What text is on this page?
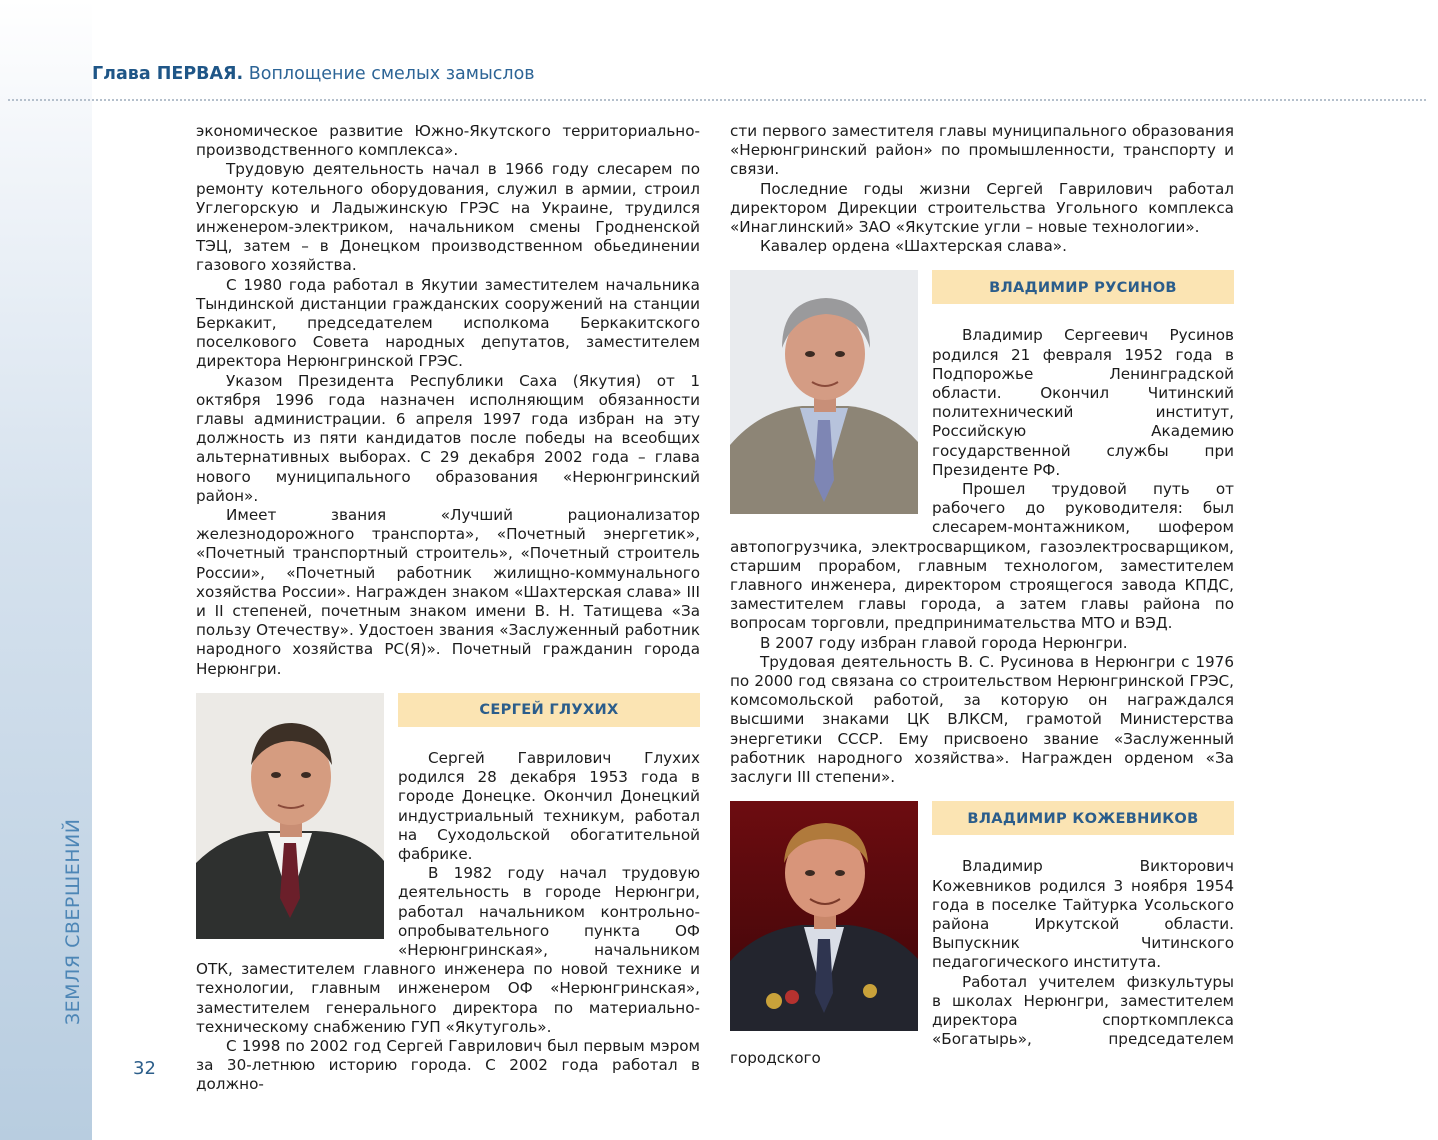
ЗЕМЛЯ СВЕРШЕНИЙ
32
Глава ПЕРВАЯ. Воплощение смелых замыслов

экономическое развитие Южно-Якутского территориально-производственного комплекса».

Трудовую деятельность начал в 1966 году слесарем по ремонту котельного оборудования, служил в армии, строил Углегорскую и Ладыжинскую ГРЭС на Украине, трудился инженером-электриком, начальником смены Гродненской ТЭЦ, затем – в Донецком производственном обьединении газового хозяйства.

С 1980 года работал в Якутии заместителем начальника Тындинской дистанции гражданских сооружений на станции Беркакит, председателем исполкома Беркакитского поселкового Совета народных депутатов, заместителем директора Нерюнгринской ГРЭС.

Указом Президента Республики Саха (Якутия) от 1 октября 1996 года назначен исполняющим обязанности главы администрации. 6 апреля 1997 года избран на эту должность из пяти кандидатов после победы на всеобщих альтернативных выборах. С 29 декабря 2002 года – глава нового муниципального образования «Нерюнгринский район».

Имеет звания «Лучший рационализатор железнодорожного транспорта», «Почетный энергетик», «Почетный транспортный строитель», «Почетный строитель России», «Почетный работник жилищно-коммунального хозяйства России». Награжден знаком «Шахтерская слава» III и II степеней, почетным знаком имени В. Н. Татищева «За пользу Отечеству». Удостоен звания «Заслуженный работник народного хозяйства РС(Я)». Почетный гражданин города Нерюнгри.

СЕРГЕЙ ГЛУХИХ

Сергей Гаврилович Глухих родился 28 декабря 1953 года в городе Донецке. Окончил Донецкий индустриальный техникум, работал на Суходольской обогатительной фабрике.

В 1982 году начал трудовую деятельность в городе Нерюнгри, работал начальником контрольно-опробывательного пункта ОФ «Нерюнгринская», начальником ОТК, заместителем главного инженера по новой технике и технологии, главным инженером ОФ «Нерюнгринская», заместителем генерального директора по материально-техническому снабжению ГУП «Якутуголь».

С 1998 по 2002 год Сергей Гаврилович был первым мэром за 30-летнюю историю города. С 2002 года работал в должно-

сти первого заместителя главы муниципального образования «Нерюнгринский район» по промышленности, транспорту и связи.

Последние годы жизни Сергей Гаврилович работал директором Дирекции строительства Угольного комплекса «Инаглинский» ЗАО «Якутские угли – новые технологии».

Кавалер ордена «Шахтерская слава».

ВЛАДИМИР РУСИНОВ

Владимир Сергеевич Русинов родился 21 февраля 1952 года в Подпорожье Ленинградской области. Окончил Читинский политехнический институт, Российскую Академию государственной службы при Президенте РФ.

Прошел трудовой путь от рабочего до руководителя: был слесарем-монтажником, шофером автопогрузчика, электросварщиком, газоэлектросварщиком, старшим прорабом, главным технологом, заместителем главного инженера, директором строящегося завода КПДС, заместителем главы города, а затем главы района по вопросам торговли, предпринимательства МТО и ВЭД.

В 2007 году избран главой города Нерюнгри.

Трудовая деятельность В. С. Русинова в Нерюнгри с 1976 по 2000 год связана со строительством Нерюнгринской ГРЭС, комсомольской работой, за которую он награждался высшими знаками ЦК ВЛКСМ, грамотой Министерства энергетики СССР. Ему присвоено звание «Заслуженный работник народного хозяйства». Награжден орденом «За заслуги III степени».

ВЛАДИМИР КОЖЕВНИКОВ

Владимир Викторович Кожевников родился 3 ноября 1954 года в поселке Тайтурка Усольского района Иркутской области. Выпускник Читинского педагогического института.

Работал учителем физкультуры в школах Нерюнгри, заместителем директора спорткомплекса «Богатырь», председателем городского
